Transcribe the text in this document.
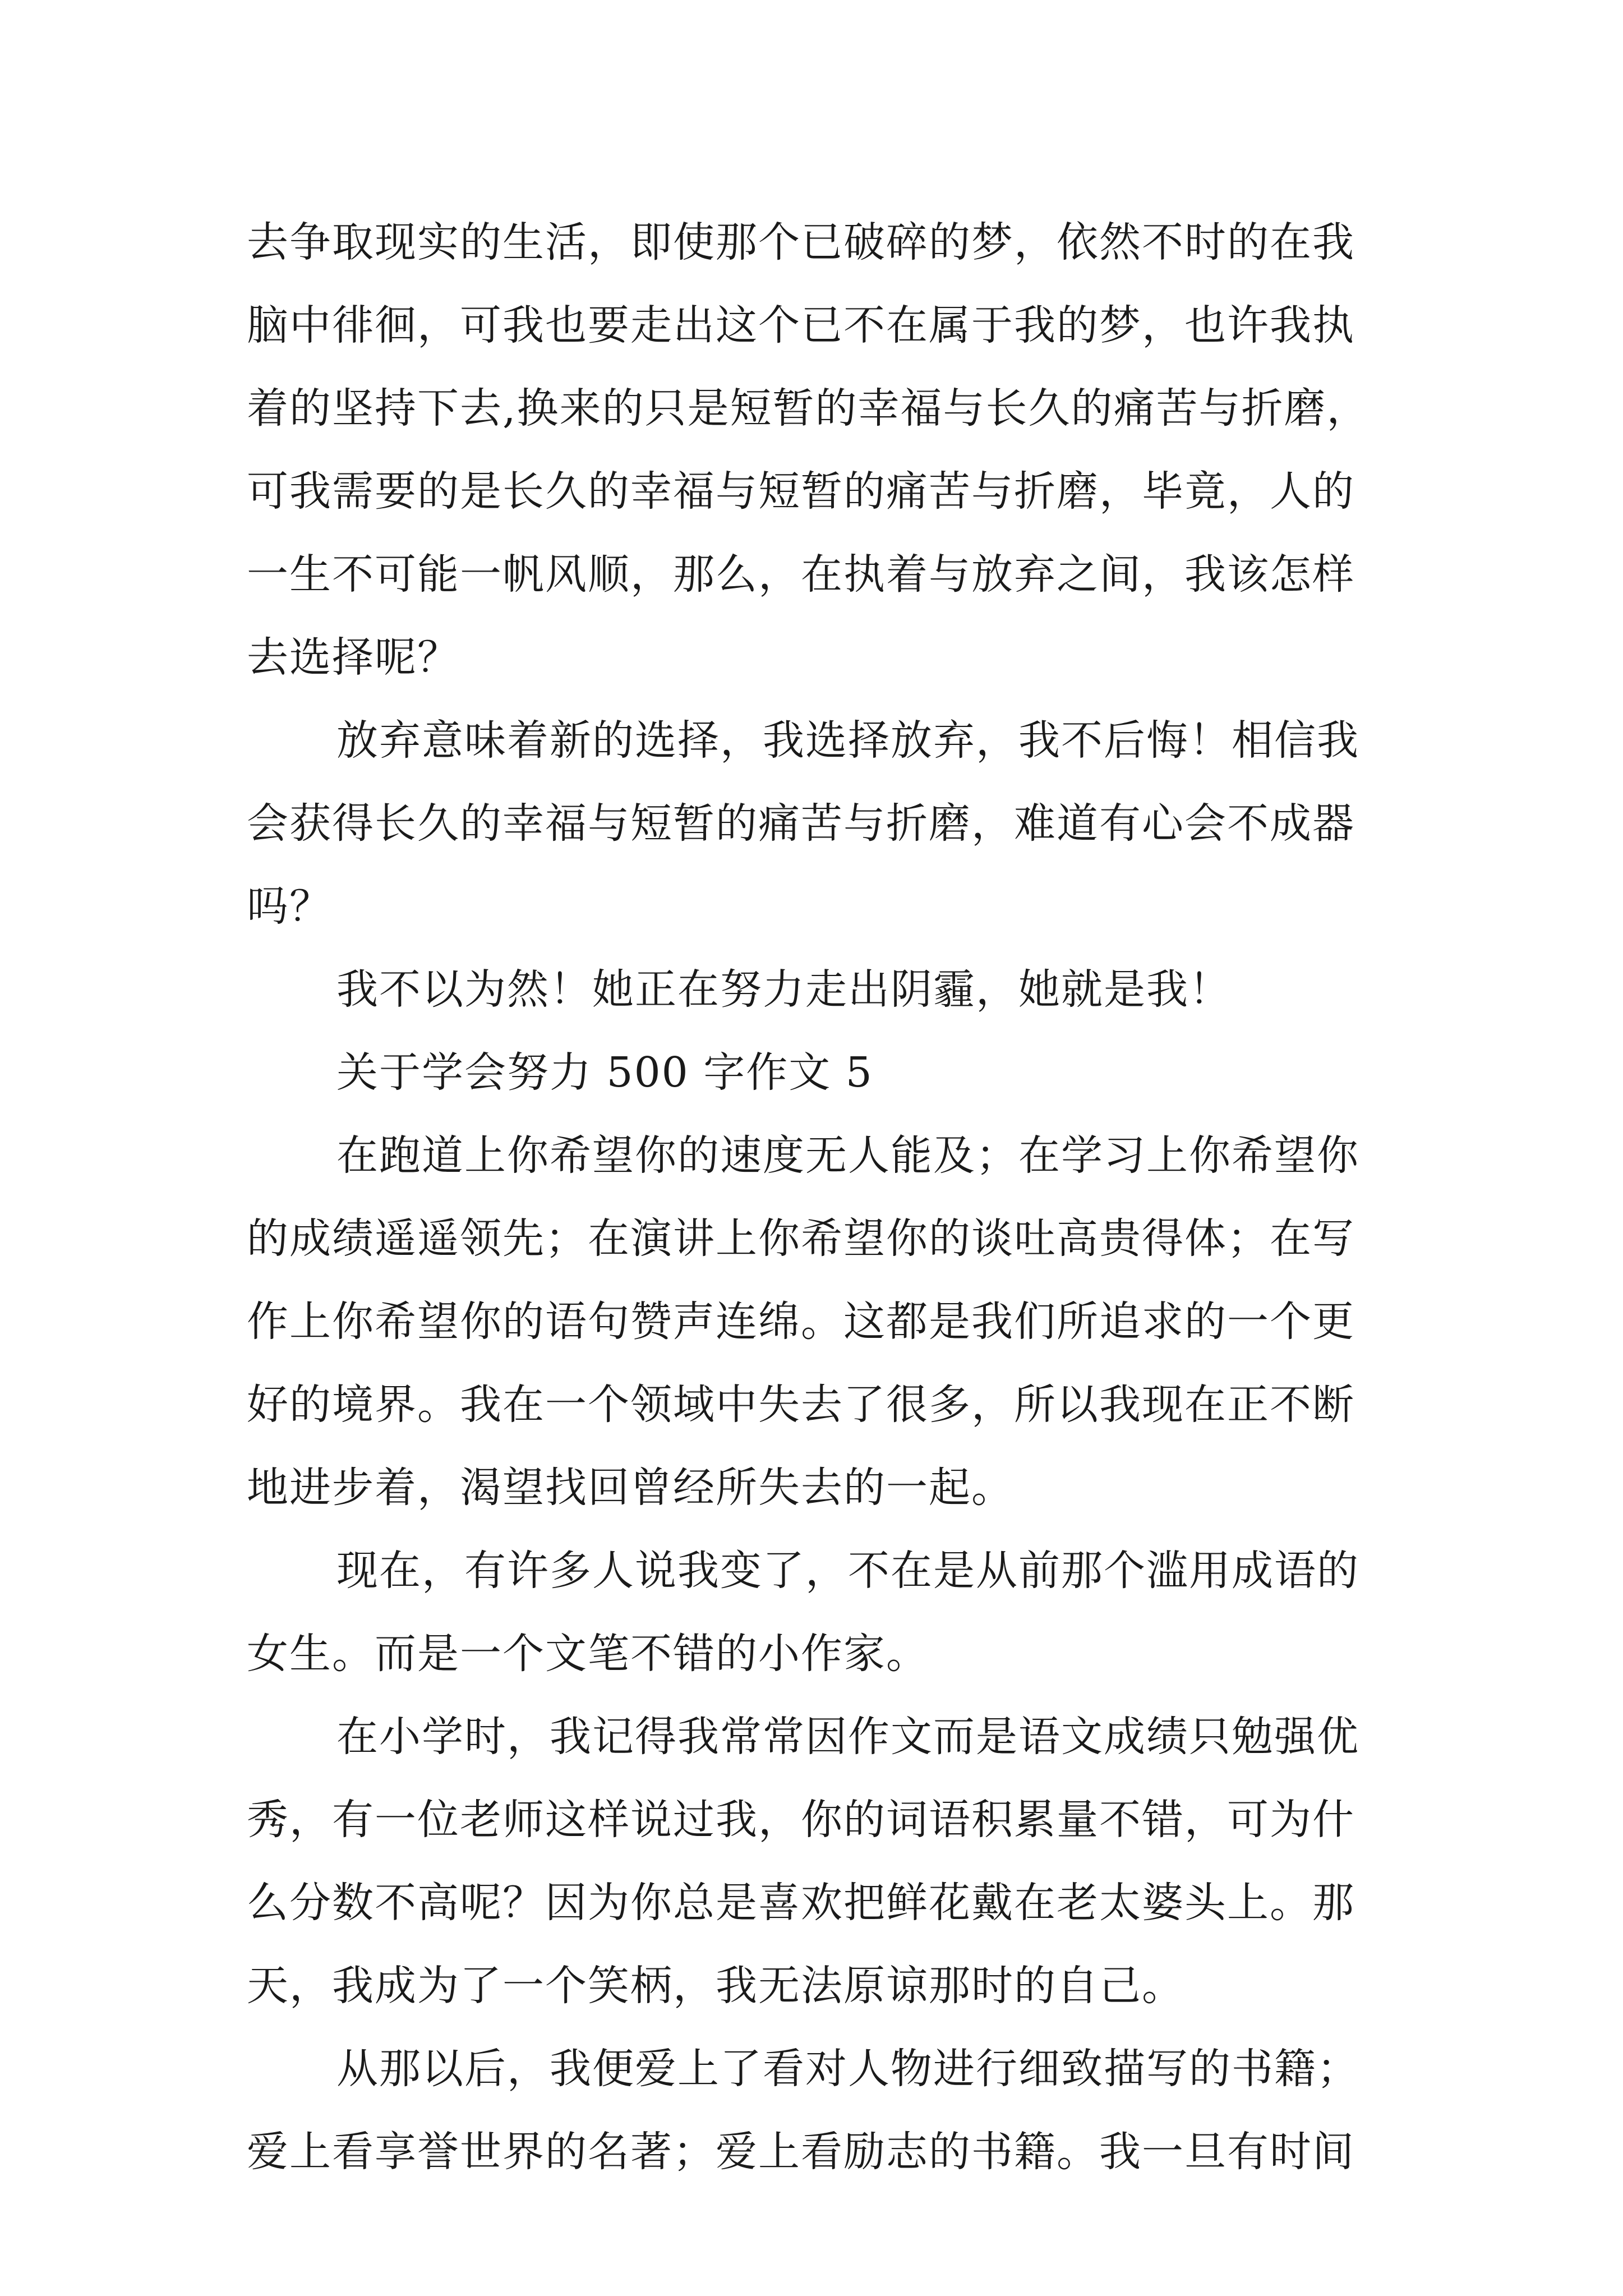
去争取现实的生活，即使那个已破碎的梦，依然不时的在我
脑中徘徊，可我也要走出这个已不在属于我的梦，也许我执
着的坚持下去,换来的只是短暂的幸福与长久的痛苦与折磨，
可我需要的是长久的幸福与短暂的痛苦与折磨，毕竟，人的
一生不可能一帆风顺，那么，在执着与放弃之间，我该怎样
去选择呢？
放弃意味着新的选择，我选择放弃，我不后悔！相信我
会获得长久的幸福与短暂的痛苦与折磨，难道有心会不成器
吗？
我不以为然！她正在努力走出阴霾，她就是我！
关于学会努力 500 字作文 5
在跑道上你希望你的速度无人能及；在学习上你希望你
的成绩遥遥领先；在演讲上你希望你的谈吐高贵得体；在写
作上你希望你的语句赞声连绵。这都是我们所追求的一个更
好的境界。我在一个领域中失去了很多，所以我现在正不断
地进步着，渴望找回曾经所失去的一起。
现在，有许多人说我变了，不在是从前那个滥用成语的
女生。而是一个文笔不错的小作家。
在小学时，我记得我常常因作文而是语文成绩只勉强优
秀，有一位老师这样说过我，你的词语积累量不错，可为什
么分数不高呢？因为你总是喜欢把鲜花戴在老太婆头上。那
天，我成为了一个笑柄，我无法原谅那时的自己。
从那以后，我便爱上了看对人物进行细致描写的书籍；
爱上看享誉世界的名著；爱上看励志的书籍。我一旦有时间
